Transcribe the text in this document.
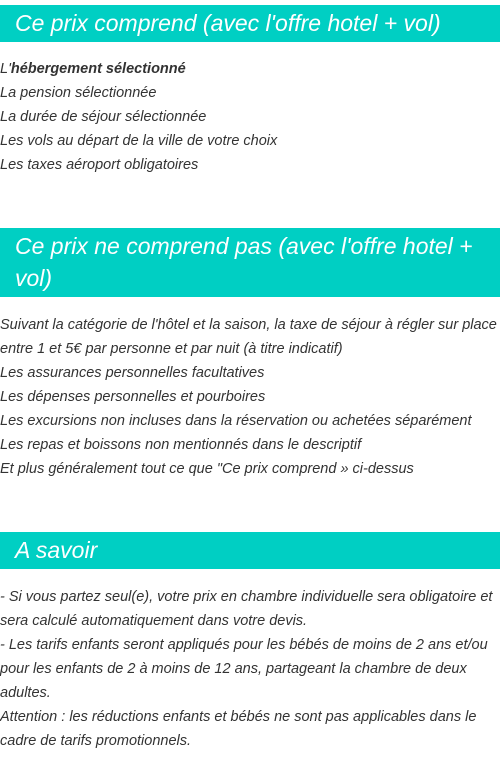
Ce prix comprend (avec l'offre hotel + vol)
L'hébergement sélectionné
La pension sélectionnée
La durée de séjour sélectionnée
Les vols au départ de la ville de votre choix
Les taxes aéroport obligatoires
Ce prix ne comprend pas (avec l'offre hotel + vol)
Suivant la catégorie de l'hôtel et la saison, la taxe de séjour à régler sur place entre 1 et 5€ par personne et par nuit (à titre indicatif)
Les assurances personnelles facultatives
Les dépenses personnelles et pourboires
Les excursions non incluses dans la réservation ou achetées séparément
Les repas et boissons non mentionnés dans le descriptif
Et plus généralement tout ce que "Ce prix comprend » ci-dessus
A savoir
- Si vous partez seul(e), votre prix en chambre individuelle sera obligatoire et sera calculé automatiquement dans votre devis.
- Les tarifs enfants seront appliqués pour les bébés de moins de 2 ans et/ou pour les enfants de 2 à moins de 12 ans, partageant la chambre de deux adultes.
Attention : les réductions enfants et bébés ne sont pas applicables dans le cadre de tarifs promotionnels.
